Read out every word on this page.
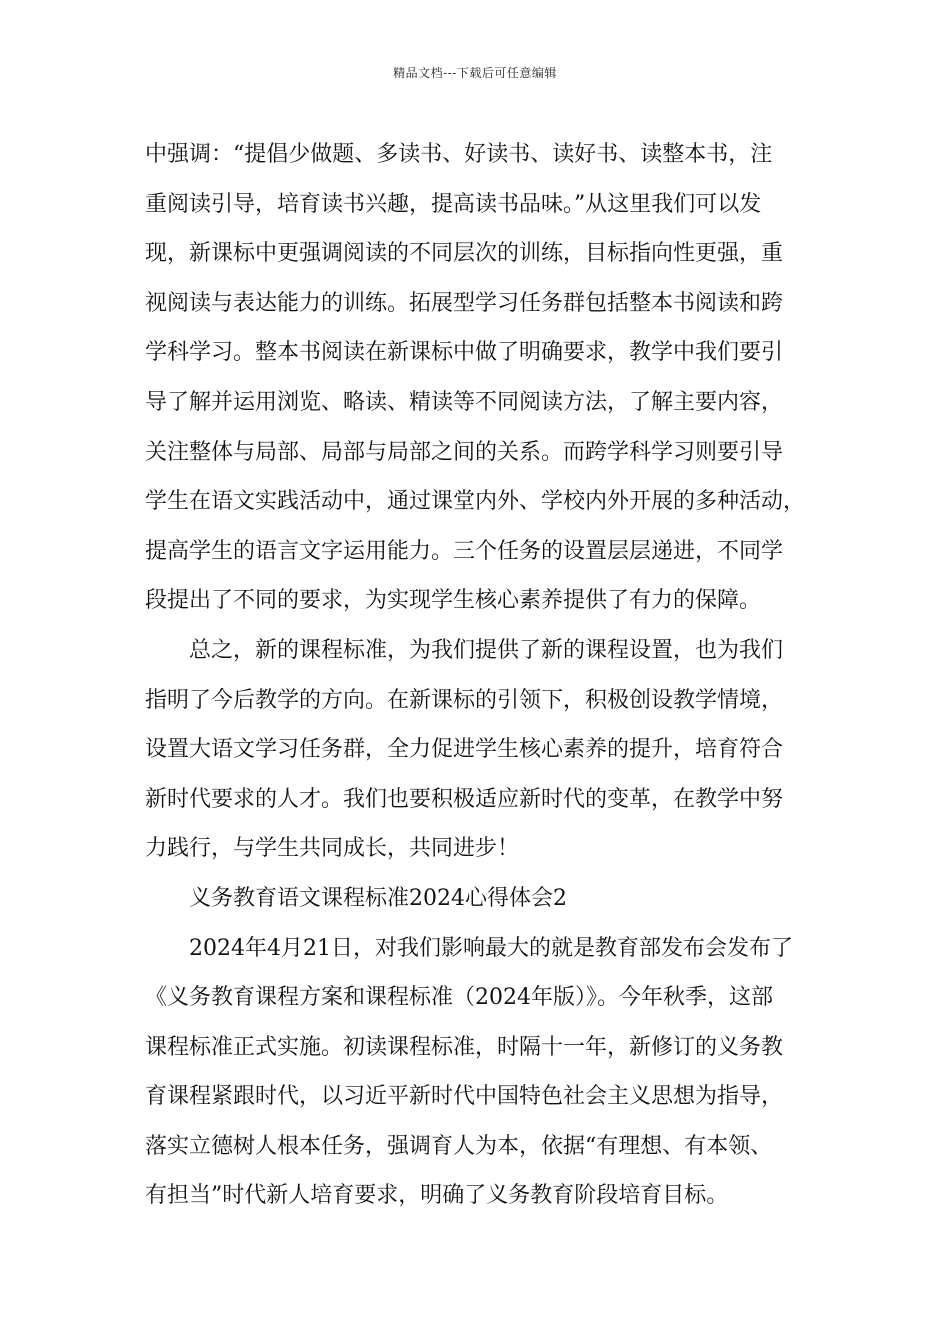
精品文档---下载后可任意编辑
中强调：“提倡少做题、多读书、好读书、读好书、读整本书，注
重阅读引导，培育读书兴趣，提高读书品味。”从这里我们可以发
现，新课标中更强调阅读的不同层次的训练，目标指向性更强，重
视阅读与表达能力的训练。拓展型学习任务群包括整本书阅读和跨
学科学习。整本书阅读在新课标中做了明确要求，教学中我们要引
导了解并运用浏览、略读、精读等不同阅读方法，了解主要内容，
关注整体与局部、局部与局部之间的关系。而跨学科学习则要引导
学生在语文实践活动中，通过课堂内外、学校内外开展的多种活动，
提高学生的语言文字运用能力。三个任务的设置层层递进，不同学
段提出了不同的要求，为实现学生核心素养提供了有力的保障。
总之，新的课程标准，为我们提供了新的课程设置，也为我们
指明了今后教学的方向。在新课标的引领下，积极创设教学情境，
设置大语文学习任务群，全力促进学生核心素养的提升，培育符合
新时代要求的人才。我们也要积极适应新时代的变革，在教学中努
力践行，与学生共同成长，共同进步！
义务教育语文课程标准2024心得体会2
2024年4月21日，对我们影响最大的就是教育部发布会发布了
《义务教育课程方案和课程标准（2024年版）》。今年秋季，这部
课程标准正式实施。初读课程标准，时隔十一年，新修订的义务教
育课程紧跟时代，以习近平新时代中国特色社会主义思想为指导，
落实立德树人根本任务，强调育人为本，依据“有理想、有本领、
有担当”时代新人培育要求，明确了义务教育阶段培育目标。
